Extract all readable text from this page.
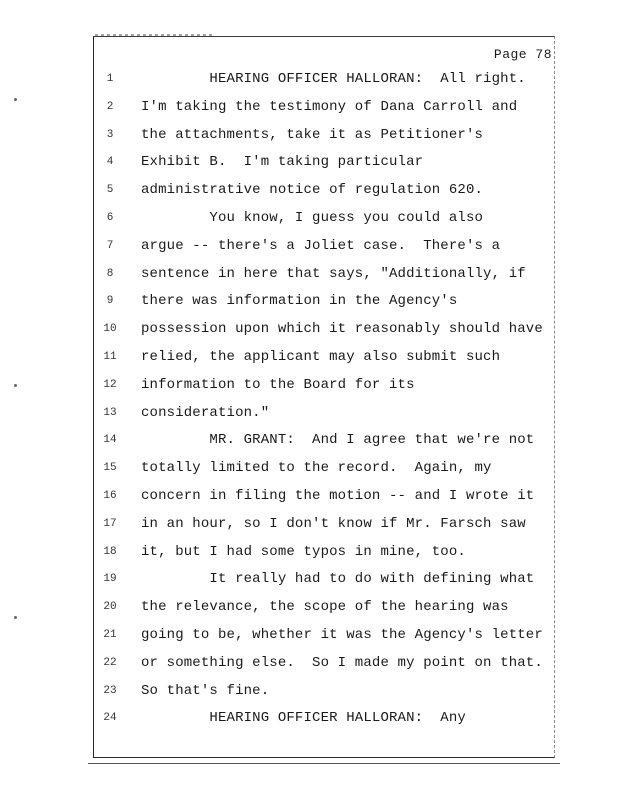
Page 78
1	HEARING OFFICER HALLORAN:  All right.
2	I'm taking the testimony of Dana Carroll and
3	the attachments, take it as Petitioner's
4	Exhibit B.  I'm taking particular
5	administrative notice of regulation 620.
6	You know, I guess you could also
7	argue -- there's a Joliet case.  There's a
8	sentence in here that says, "Additionally, if
9	there was information in the Agency's
10	possession upon which it reasonably should have
11	relied, the applicant may also submit such
12	information to the Board for its
13	consideration."
14	MR. GRANT:  And I agree that we're not
15	totally limited to the record.  Again, my
16	concern in filing the motion -- and I wrote it
17	in an hour, so I don't know if Mr. Farsch saw
18	it, but I had some typos in mine, too.
19	It really had to do with defining what
20	the relevance, the scope of the hearing was
21	going to be, whether it was the Agency's letter
22	or something else.  So I made my point on that.
23	So that's fine.
24	HEARING OFFICER HALLORAN:  Any
